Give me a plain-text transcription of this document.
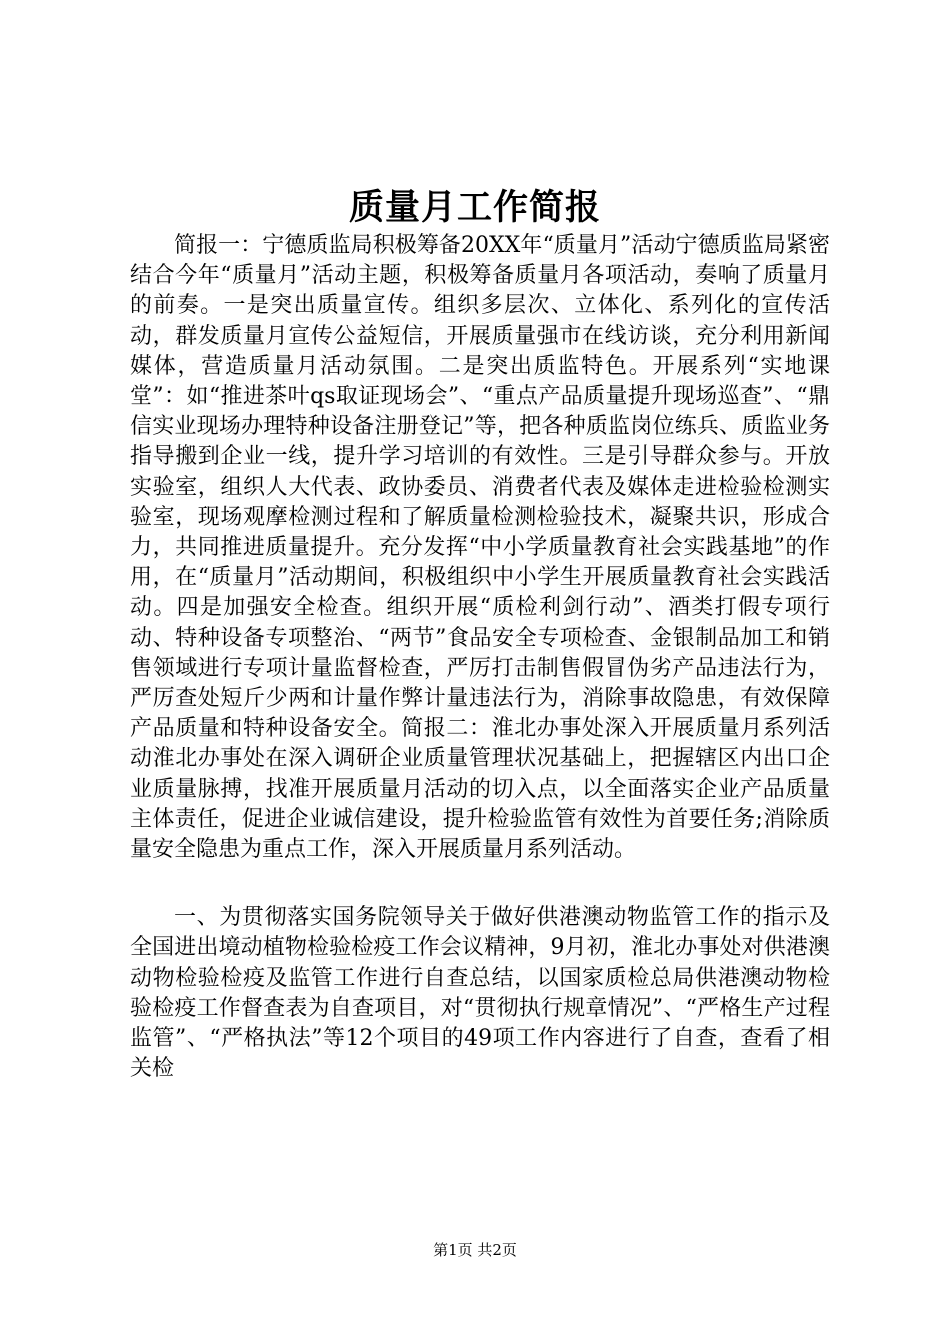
质量月工作简报

简报一：宁德质监局积极筹备20XX年“质量月”活动宁德质监局紧密结合今年“质量月”活动主题，积极筹备质量月各项活动，奏响了质量月的前奏。一是突出质量宣传。组织多层次、立体化、系列化的宣传活动，群发质量月宣传公益短信，开展质量强市在线访谈，充分利用新闻媒体，营造质量月活动氛围。二是突出质监特色。开展系列“实地课堂”：如“推进茶叶qs取证现场会”、“重点产品质量提升现场巡查”、“鼎信实业现场办理特种设备注册登记”等，把各种质监岗位练兵、质监业务指导搬到企业一线，提升学习培训的有效性。三是引导群众参与。开放实验室，组织人大代表、政协委员、消费者代表及媒体走进检验检测实验室，现场观摩检测过程和了解质量检测检验技术，凝聚共识，形成合力，共同推进质量提升。充分发挥“中小学质量教育社会实践基地”的作用，在“质量月”活动期间，积极组织中小学生开展质量教育社会实践活动。四是加强安全检查。组织开展“质检利剑行动”、酒类打假专项行动、特种设备专项整治、“两节”食品安全专项检查、金银制品加工和销售领域进行专项计量监督检查，严厉打击制售假冒伪劣产品违法行为，严厉查处短斤少两和计量作弊计量违法行为，消除事故隐患，有效保障产品质量和特种设备安全。简报二：淮北办事处深入开展质量月系列活动淮北办事处在深入调研企业质量管理状况基础上，把握辖区内出口企业质量脉搏，找准开展质量月活动的切入点，以全面落实企业产品质量主体责任，促进企业诚信建设，提升检验监管有效性为首要任务;消除质量安全隐患为重点工作，深入开展质量月系列活动。

一、为贯彻落实国务院领导关于做好供港澳动物监管工作的指示及全国进出境动植物检验检疫工作会议精神，9月初，淮北办事处对供港澳动物检验检疫及监管工作进行自查总结，以国家质检总局供港澳动物检验检疫工作督查表为自查项目，对“贯彻执行规章情况”、“严格生产过程监管”、“严格执法”等12个项目的49项工作内容进行了自查，查看了相关检

第1页 共2页
